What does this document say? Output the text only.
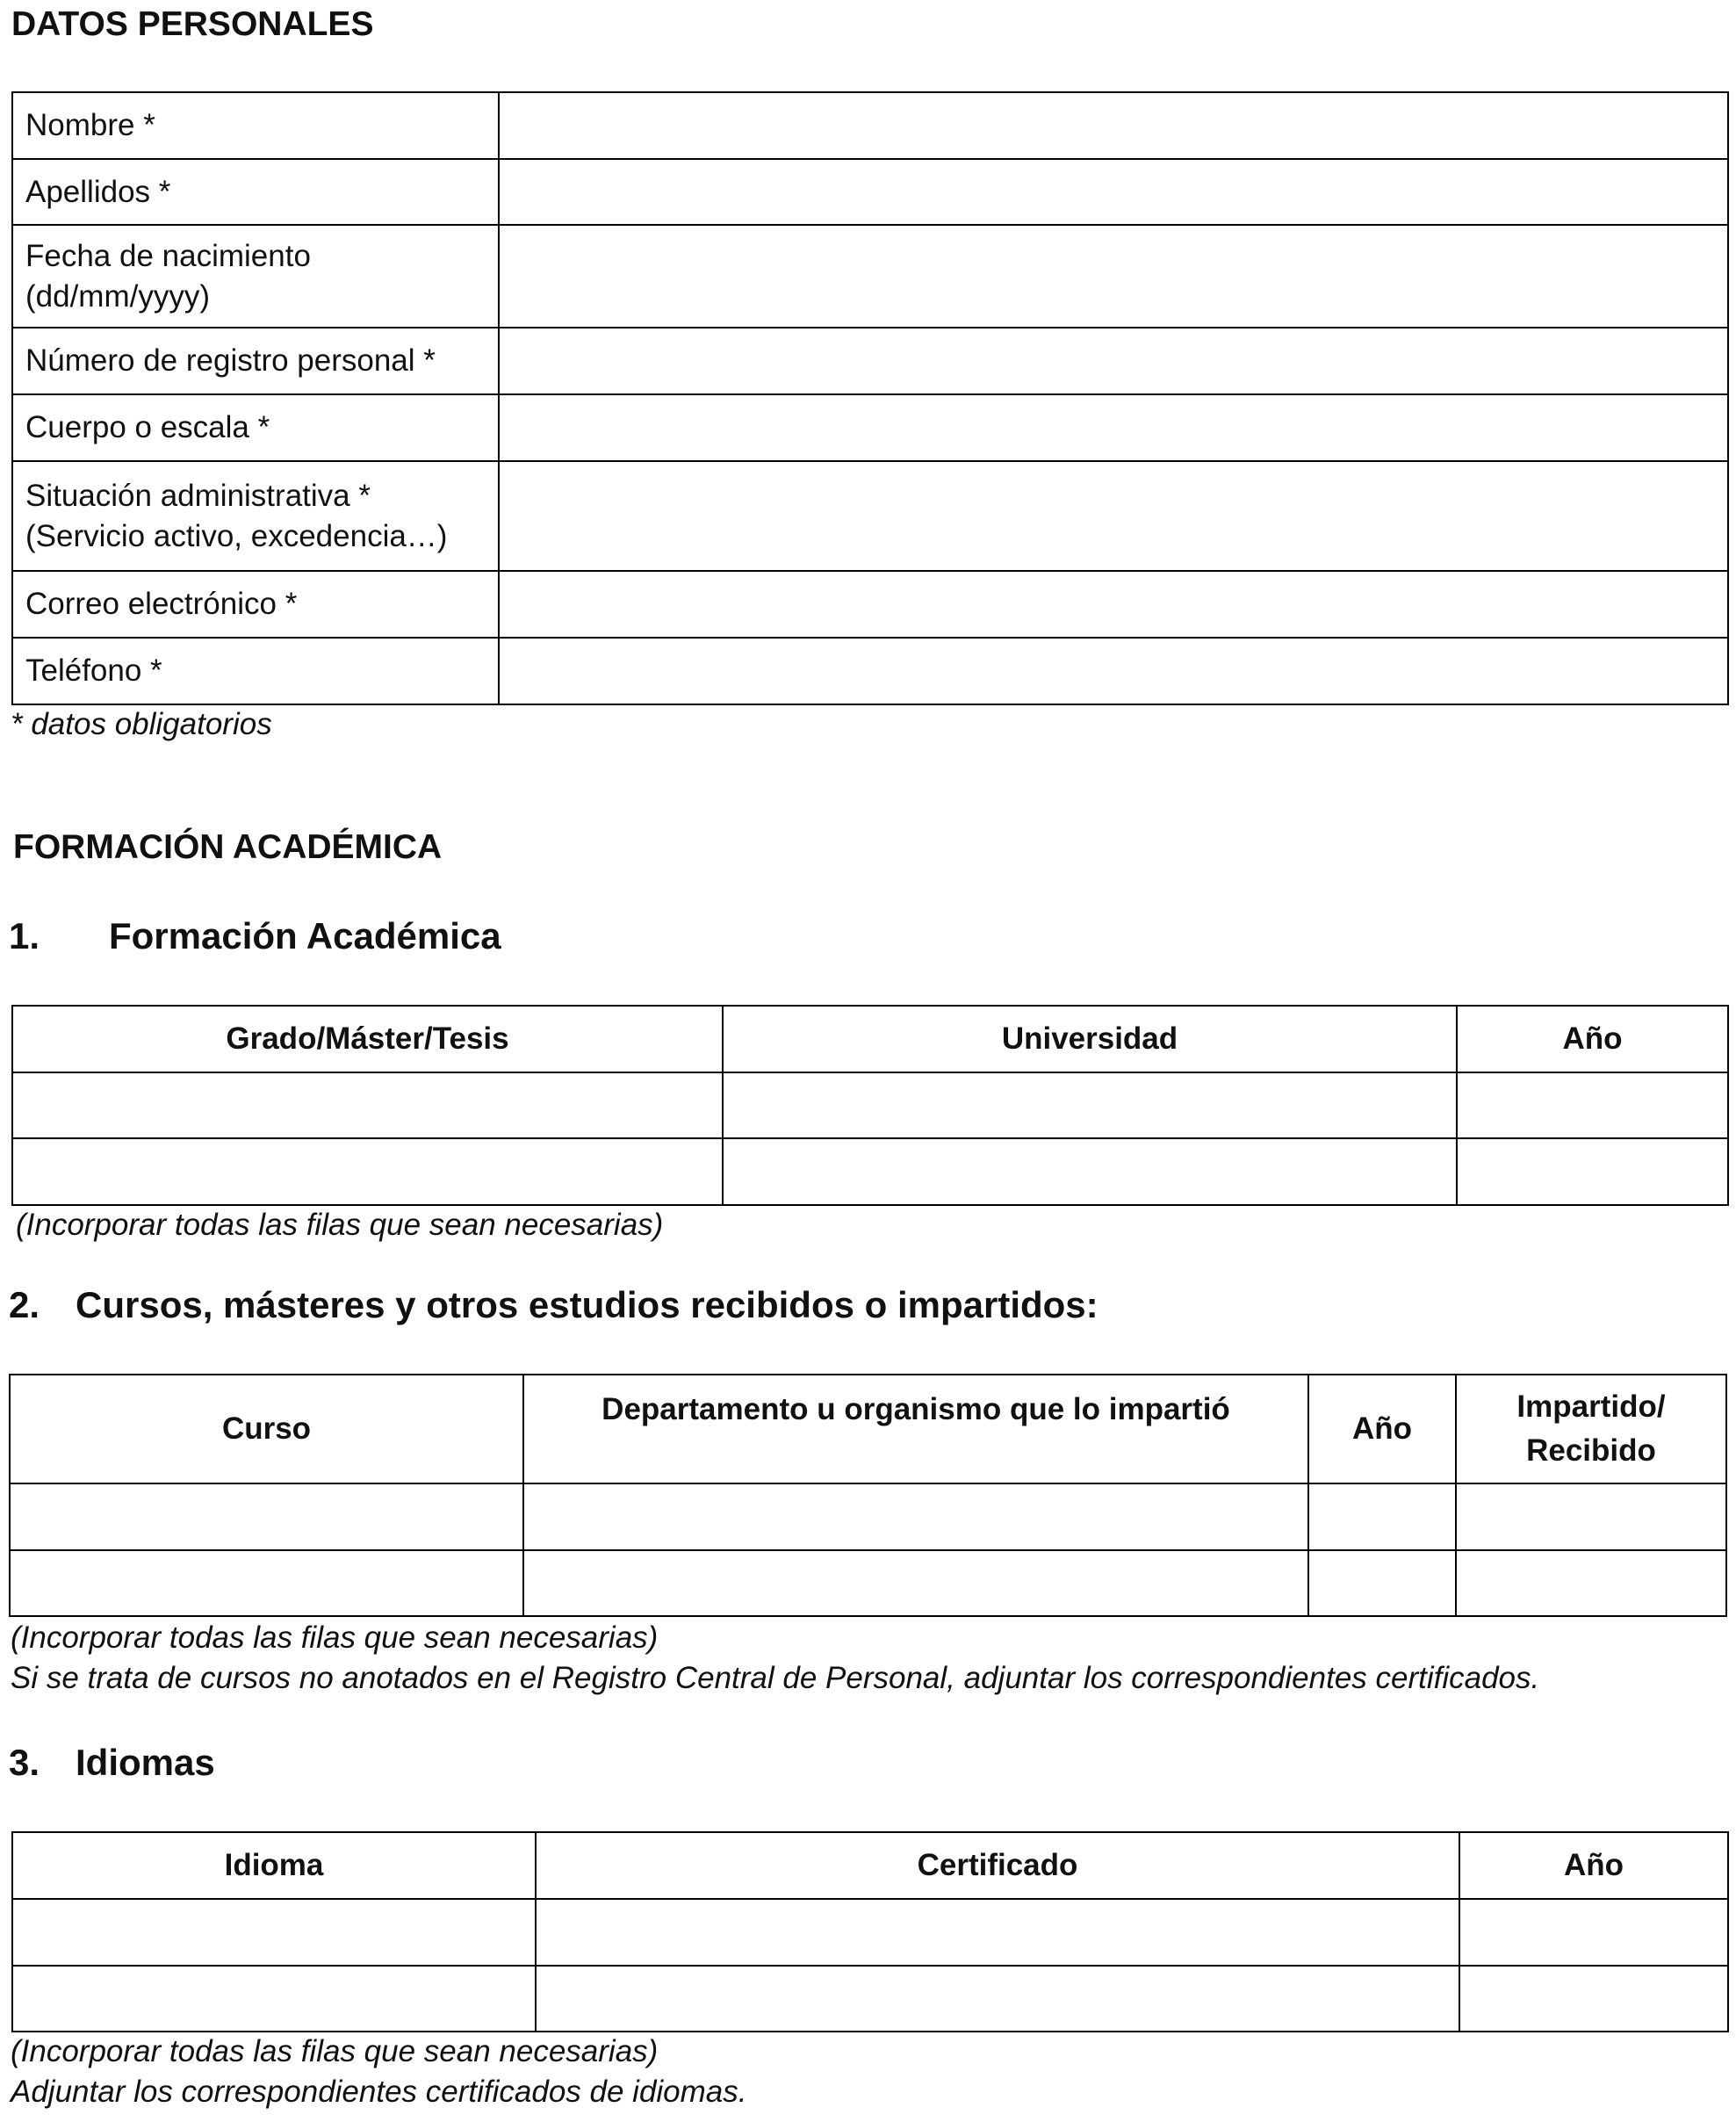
DATOS PERSONALES
Nombre *	

Apellidos *	

Fecha de nacimiento
(dd/mm/yyyy)

Número de registro personal *	

Cuerpo o escala *	

Situación administrativa *
(Servicio activo, excedencia…)

Correo electrónico *	

Teléfono *	
* datos obligatorios
FORMACIÓN ACADÉMICA
1.	Formación Académica
Grado/Máster/Tesis	Universidad	Año

(Incorporar todas las filas que sean necesarias)
2. Cursos, másteres y otros estudios recibidos o impartidos:
Curso	Departamento u organismo que lo impartió	Año	Impartido/
Recibido

(Incorporar todas las filas que sean necesarias)
Si se trata de cursos no anotados en el Registro Central de Personal, adjuntar los correspondientes certificados.
3. Idiomas
Idioma	Certificado	Año

(Incorporar todas las filas que sean necesarias)
Adjuntar los correspondientes certificados de idiomas.
